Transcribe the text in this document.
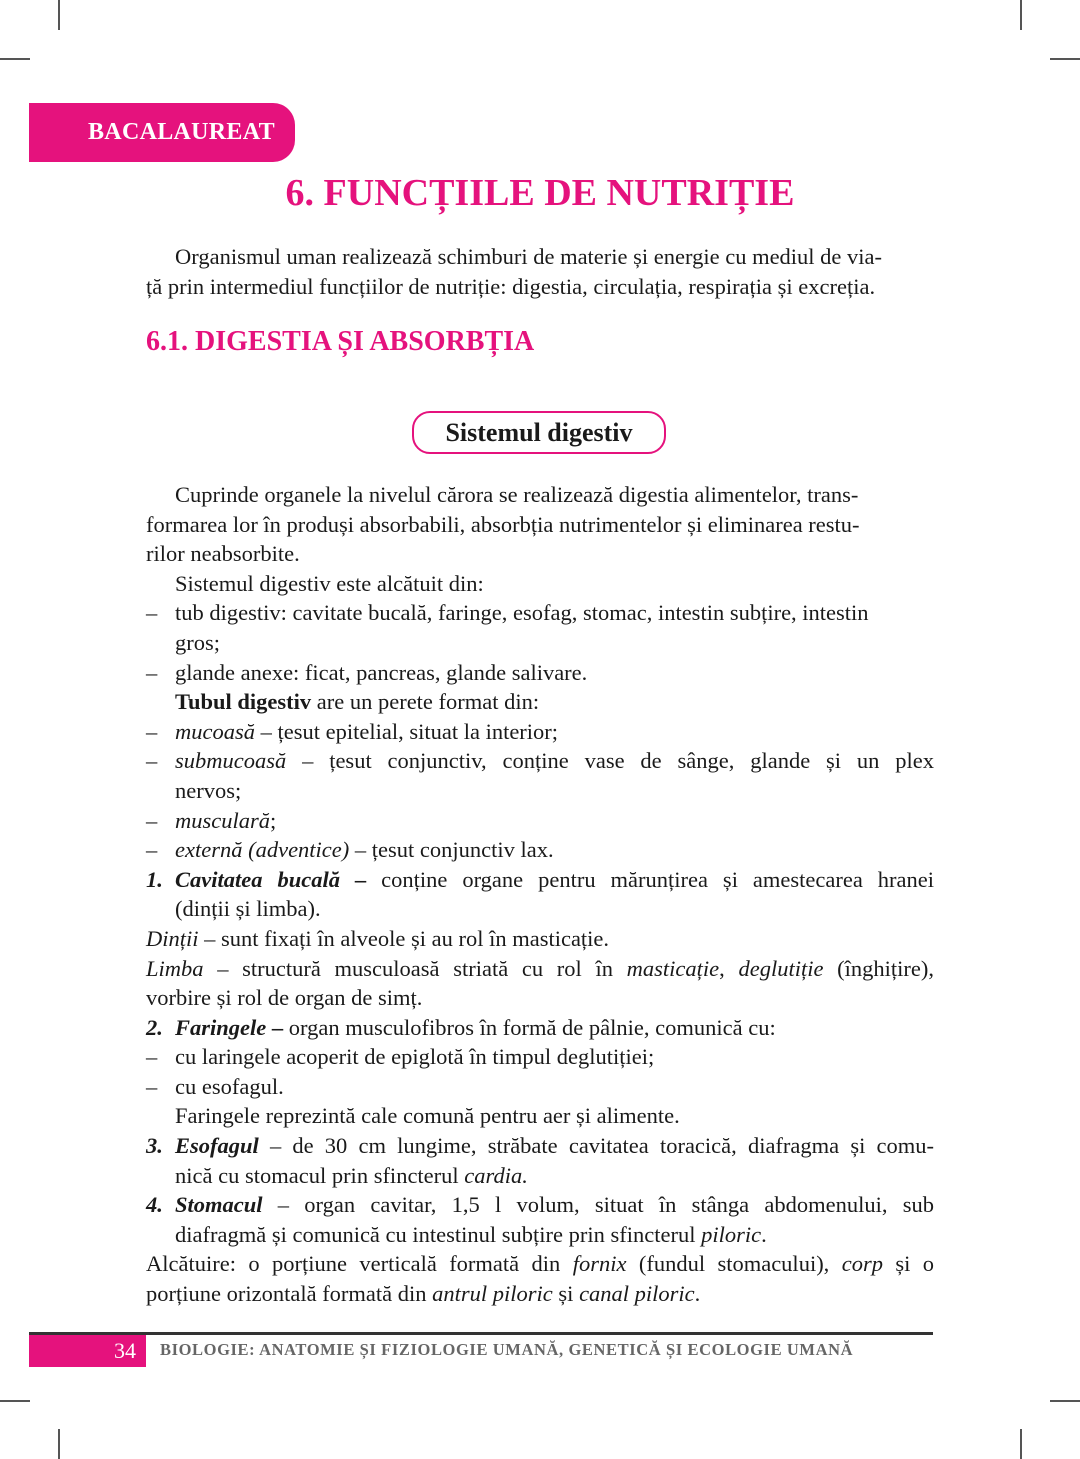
BACALAUREAT
6. FUNCȚIILE DE NUTRIȚIE

Organismul uman realizează schimburi de materie și energie cu mediul de via-

ță prin intermediul funcțiilor de nutriție: digestia, circulația, respirația și excreția.

6.1. DIGESTIA ȘI ABSORBȚIA
Sistemul digestiv

Cuprinde organele la nivelul cărora se realizează digestia alimentelor, trans-

formarea lor în produși absorbabili, absorbția nutrimentelor și eliminarea restu-

rilor neabsorbite.

Sistemul digestiv este alcătuit din:

– tub digestiv: cavitate bucală, faringe, esofag, stomac, intestin subțire, intestin

gros;

– glande anexe: ficat, pancreas, glande salivare.

Tubul digestiv are un perete format din:

– mucoasă – țesut epitelial, situat la interior;

– submucoasă – țesut conjunctiv, conține vase de sânge, glande și un plex

nervos;

– musculară;

– externă (adventice) – țesut conjunctiv lax.

1. Cavitatea bucală – conține organe pentru mărunțirea și amestecarea hranei

(dinții și limba).

Dinții – sunt fixați în alveole și au rol în masticație.

Limba – structură musculoasă striată cu rol în masticație, deglutiție (înghițire),

vorbire și rol de organ de simț.

2. Faringele – organ musculofibros în formă de pâlnie, comunică cu:

– cu laringele acoperit de epiglotă în timpul deglutiției;

– cu esofagul.

Faringele reprezintă cale comună pentru aer și alimente.

3. Esofagul – de 30 cm lungime, străbate cavitatea toracică, diafragma și comu-

nică cu stomacul prin sfincterul cardia.

4. Stomacul – organ cavitar, 1,5 l volum, situat în stânga abdomenului, sub

diafragmă și comunică cu intestinul subțire prin sfincterul piloric.

Alcătuire: o porțiune verticală formată din fornix (fundul stomacului), corp și o

porțiune orizontală formată din antrul piloric și canal piloric.

34	BIOLOGIE: ANATOMIE ȘI FIZIOLOGIE UMANĂ, GENETICĂ ȘI ECOLOGIE UMANĂ
